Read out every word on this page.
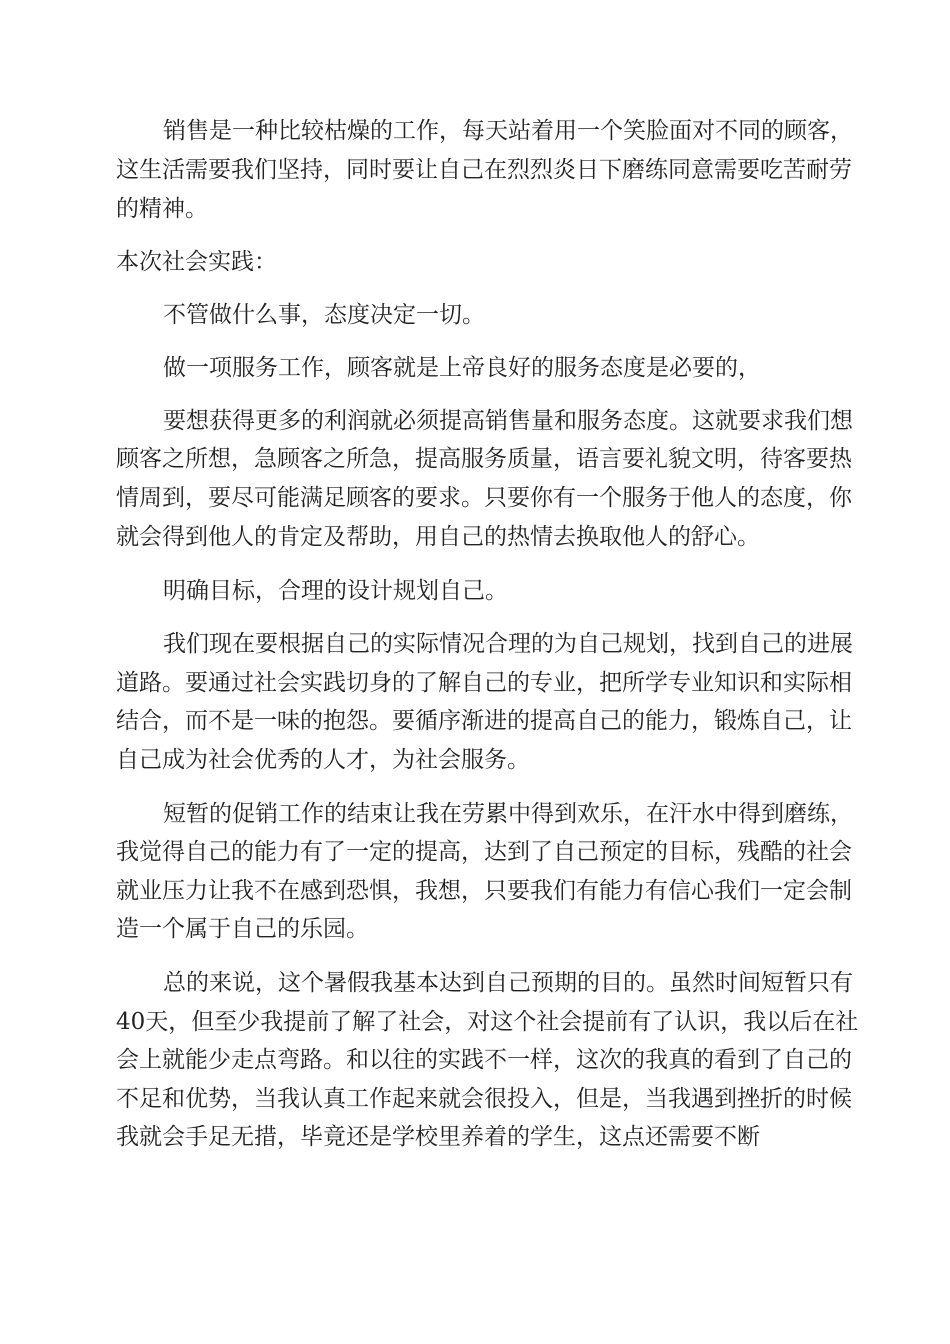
销售是一种比较枯燥的工作，每天站着用一个笑脸面对不同的顾客，

这生活需要我们坚持，同时要让自己在烈烈炎日下磨练同意需要吃苦耐劳

的精神。

本次社会实践：

不管做什么事，态度决定一切。

做一项服务工作，顾客就是上帝良好的服务态度是必要的，

要想获得更多的利润就必须提高销售量和服务态度。这就要求我们想

顾客之所想，急顾客之所急，提高服务质量，语言要礼貌文明，待客要热

情周到，要尽可能满足顾客的要求。只要你有一个服务于他人的态度，你

就会得到他人的肯定及帮助，用自己的热情去换取他人的舒心。

明确目标，合理的设计规划自己。

我们现在要根据自己的实际情况合理的为自己规划，找到自己的进展

道路。要通过社会实践切身的了解自己的专业，把所学专业知识和实际相

结合，而不是一味的抱怨。要循序渐进的提高自己的能力，锻炼自己，让

自己成为社会优秀的人才，为社会服务。

短暂的促销工作的结束让我在劳累中得到欢乐，在汗水中得到磨练，

我觉得自己的能力有了一定的提高，达到了自己预定的目标，残酷的社会

就业压力让我不在感到恐惧，我想，只要我们有能力有信心我们一定会制

造一个属于自己的乐园。

总的来说，这个暑假我基本达到自己预期的目的。虽然时间短暂只有

40天，但至少我提前了解了社会，对这个社会提前有了认识，我以后在社

会上就能少走点弯路。和以往的实践不一样，这次的我真的看到了自己的

不足和优势，当我认真工作起来就会很投入，但是，当我遇到挫折的时候

我就会手足无措，毕竟还是学校里养着的学生，这点还需要不断
